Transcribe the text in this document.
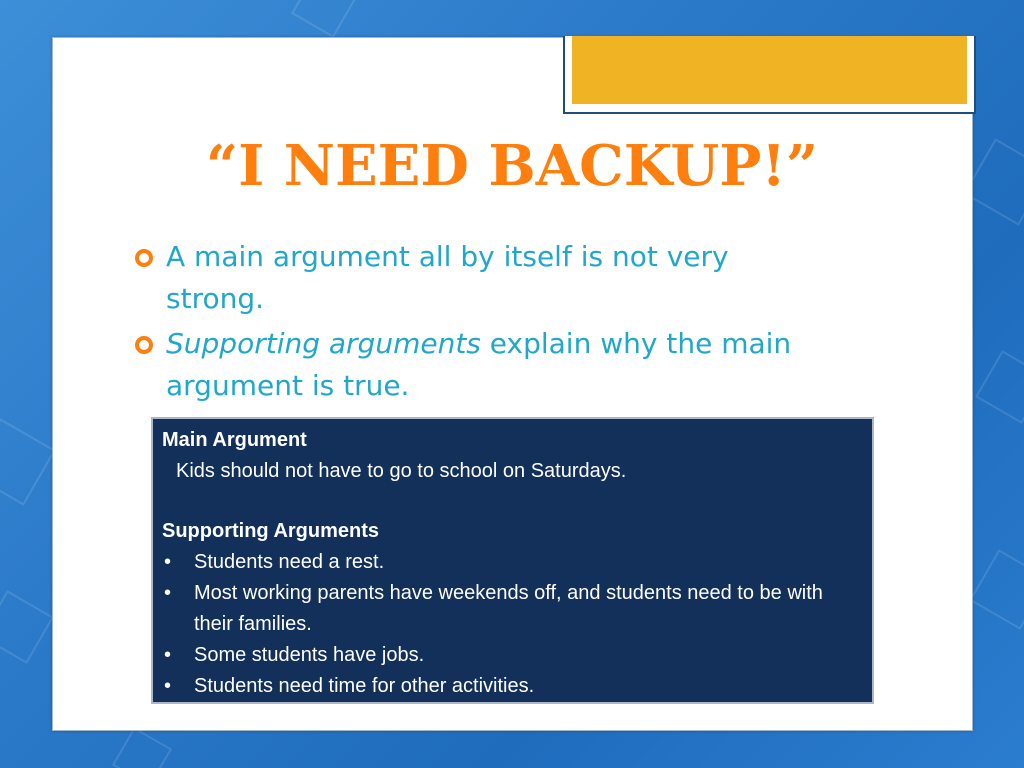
“I NEED BACKUP!”
A main argument all by itself is not very strong.
Supporting arguments explain why the main argument is true.
Main Argument
Kids should not have to go to school on Saturdays.
Supporting Arguments
• Students need a rest.
• Most working parents have weekends off, and students need to be with their families.
• Some students have jobs.
• Students need time for other activities.
